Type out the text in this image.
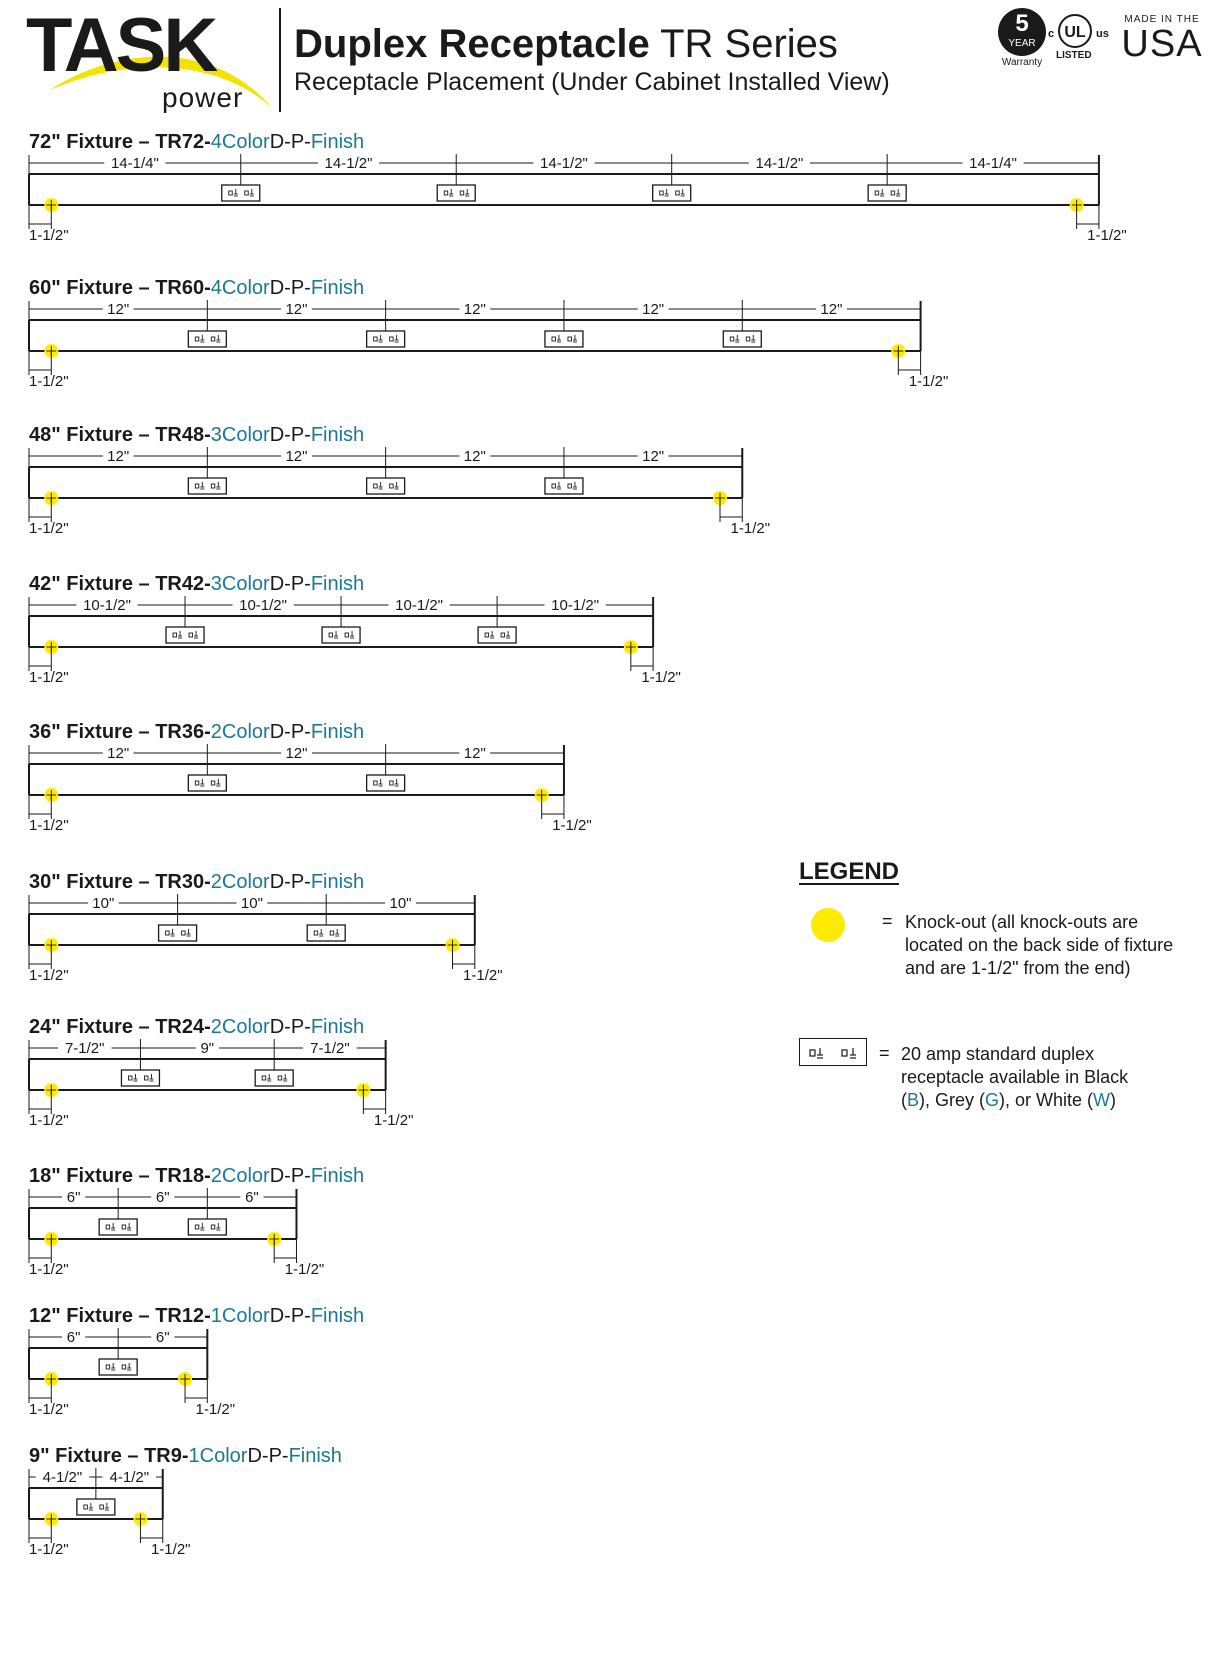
TASK
power
Duplex Receptacle TR Series
Receptacle Placement (Under Cabinet Installed View)
5
YEAR
Warranty
c UL us
LISTED
MADE IN THE
USA
72" Fixture – TR72-4ColorD-P-Finish
60" Fixture – TR60-4ColorD-P-Finish
48" Fixture – TR48-3ColorD-P-Finish
42" Fixture – TR42-3ColorD-P-Finish
36" Fixture – TR36-2ColorD-P-Finish
30" Fixture – TR30-2ColorD-P-Finish
24" Fixture – TR24-2ColorD-P-Finish
18" Fixture – TR18-2ColorD-P-Finish
12" Fixture – TR12-1ColorD-P-Finish
9" Fixture – TR9-1ColorD-P-Finish
14-1/4"	14-1/2"	14-1/2"	14-1/2"	14-1/4"
1-1/2"	1-1/2"
12"	12"	12"	12"	12"
1-1/2"	1-1/2"
12"	12"	12"	12"
1-1/2"	1-1/2"
10-1/2"	10-1/2"	10-1/2"	10-1/2"
1-1/2"	1-1/2"
12"	12"	12"
1-1/2"	1-1/2"
10"	10"	10"
1-1/2"	1-1/2"
7-1/2"	9"	7-1/2"
1-1/2"	1-1/2"
6"	6"	6"
1-1/2"	1-1/2"
6"	6"
1-1/2"	1-1/2"
4-1/2" 4-1/2"
1-1/2"	1-1/2"
LEGEND
= Knock-out (all knock-outs are located on the back side of fixture and are 1-1/2" from the end)
= 20 amp standard duplex receptacle available in Black (B), Grey (G), or White (W)
